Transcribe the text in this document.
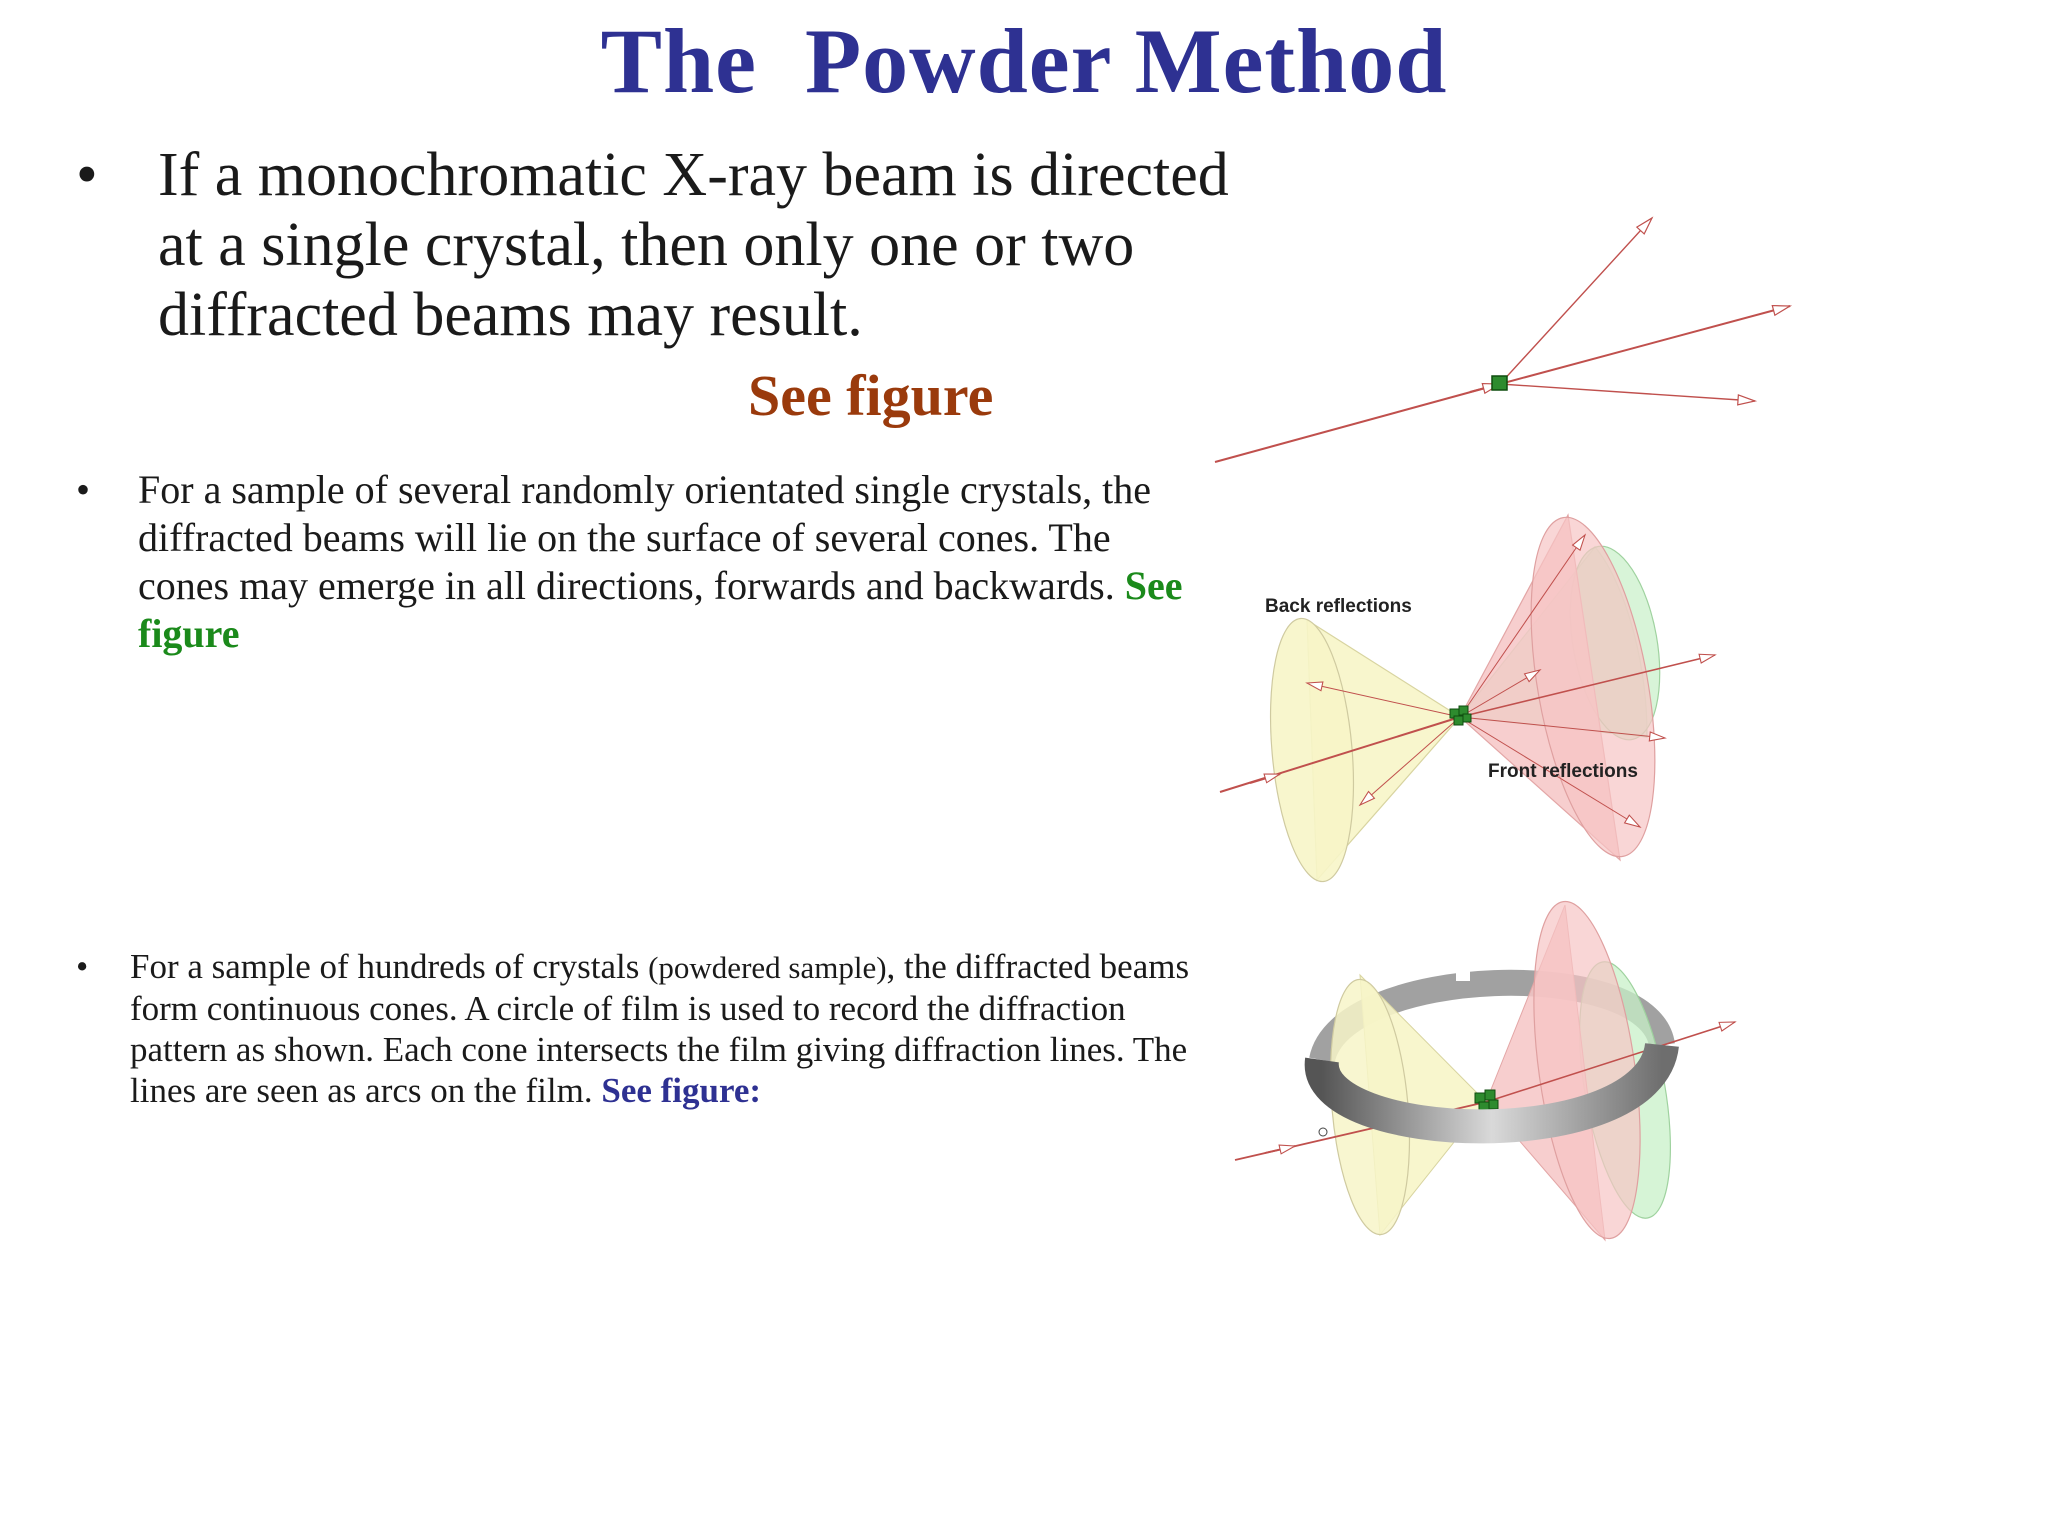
The  Powder Method
• If a monochromatic X-ray beam is directed at a single crystal, then only one or two diffracted beams may result.
See figure
• For a sample of several randomly orientated single crystals, the diffracted beams will lie on the surface of several cones. The cones may emerge in all directions, forwards and backwards. See figure
• For a sample of hundreds of crystals (powdered sample), the diffracted beams form continuous cones. A circle of film is used to record the diffraction pattern as shown. Each cone intersects the film giving diffraction lines. The lines are seen as arcs on the film. See figure:
Back reflections
Front reflections
